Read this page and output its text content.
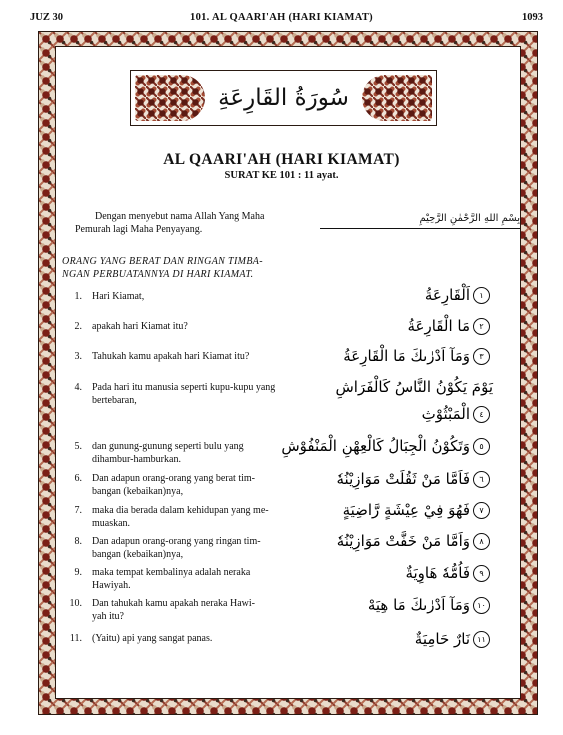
JUZ 30	101. AL QAARI'AH (HARI KIAMAT)	1093
سُورَةُ القَارِعَةِ
AL QAARI'AH (HARI KIAMAT)
SURAT KE 101 : 11 ayat.
Dengan menyebut nama Allah Yang Maha
Pemurah lagi Maha Penyayang.
بِسْمِ اللهِ الرَّحْمٰنِ الرَّحِيْمِ
ORANG YANG BERAT DAN RINGAN TIMBA-
NGAN PERBUATANNYA DI HARI KIAMAT.
1. Hari Kiamat,	١اَلْقَارِعَةُ
2. apakah hari Kiamat itu?	٢مَا الْقَارِعَةُ
3. Tahukah kamu apakah hari Kiamat itu?	٣وَمَآ اَدْرٰىكَ مَا الْقَارِعَةُ
4. Pada hari itu manusia seperti kupu-kupu yang
bertebaran,
يَوْمَ يَكُوْنُ النَّاسُ كَالْفَرَاشِ
٤الْمَبْثُوْثِ
5. dan gunung-gunung seperti bulu yang
dihambur-hamburkan.
٥وَتَكُوْنُ الْجِبَالُ كَالْعِهْنِ الْمَنْفُوْشِ
6. Dan adapun orang-orang yang berat tim-
bangan (kebaikan)nya,
٦فَاَمَّا مَنْ ثَقُلَتْ مَوَازِيْنُهٗ
7. maka dia berada dalam kehidupan yang me-
muaskan.
٧فَهُوَ فِيْ عِيْشَةٍ رَّاضِيَةٍ
8. Dan adapun orang-orang yang ringan tim-
bangan (kebaikan)nya,
٨وَاَمَّا مَنْ خَفَّتْ مَوَازِيْنُهٗ
9. maka tempat kembalinya adalah neraka
Hawiyah.
٩فَاُمُّهٗ هَاوِيَةٌ
10. Dan tahukah kamu apakah neraka Hawi-
yah itu?
١٠وَمَآ اَدْرٰىكَ مَا هِيَهْ
11. (Yaitu) api yang sangat panas.	١١نَارٌ حَامِيَةٌ
